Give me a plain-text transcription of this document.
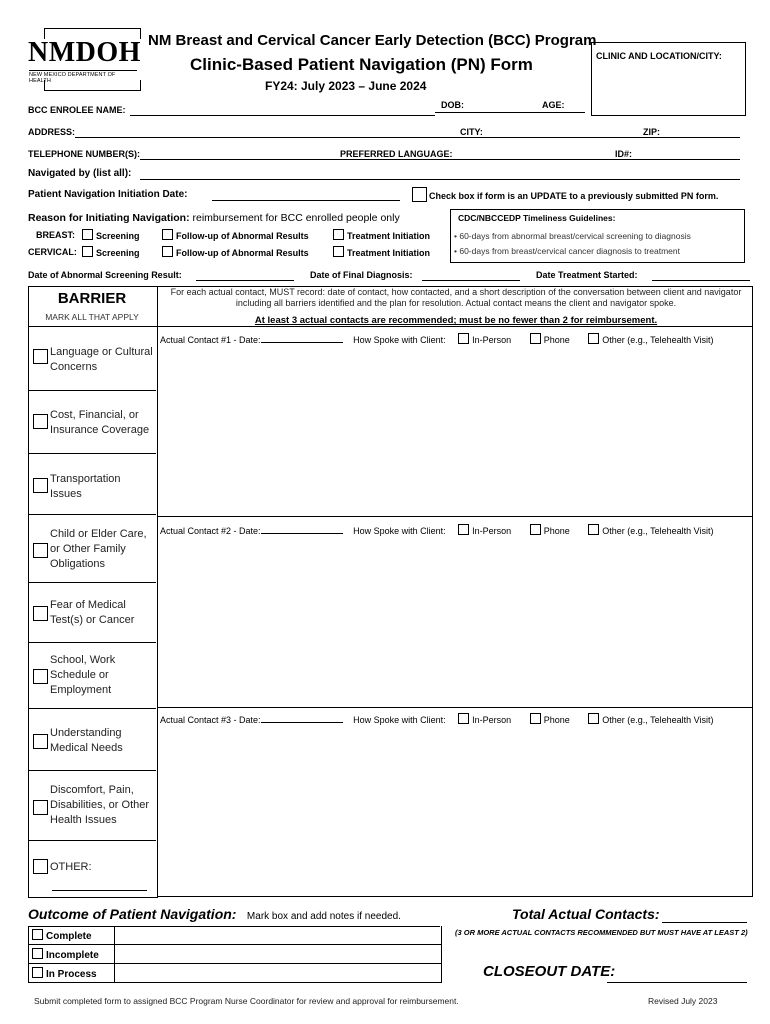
NMDOH
NEW MEXICO DEPARTMENT OF HEALTH
NM Breast and Cervical Cancer Early Detection (BCC) Program
Clinic-Based Patient Navigation (PN) Form
FY24: July 2023 – June 2024
CLINIC AND LOCATION/CITY:
BCC ENROLEE NAME:	DOB:	AGE:
ADDRESS:	CITY:	ZIP:
TELEPHONE NUMBER(S):	PREFERRED LANGUAGE:	ID#:
Navigated by (list all):
Patient Navigation Initiation Date:	Check box if form is an UPDATE to a previously submitted PN form.
Reason for Initiating Navigation: reimbursement for BCC enrolled people only
BREAST:	Screening	Follow-up of Abnormal Results	Treatment Initiation
CERVICAL:	Screening	Follow-up of Abnormal Results	Treatment Initiation
CDC/NBCCEDP Timeliness Guidelines:
• 60-days from abnormal breast/cervical screening to diagnosis
• 60-days from breast/cervical cancer diagnosis to treatment
Date of Abnormal Screening Result:	Date of Final Diagnosis:	Date Treatment Started:
BARRIER
MARK ALL THAT APPLY
For each actual contact, MUST record: date of contact, how contacted, and a short description of the conversation between client and navigator including all barriers identified and the plan for resolution. Actual contact means the client and navigator spoke.
At least 3 actual contacts are recommended; must be no fewer than 2 for reimbursement.
Language or Cultural Concerns
Cost, Financial, or Insurance Coverage
Transportation Issues
Child or Elder Care, or Other Family Obligations
Fear of Medical Test(s) or Cancer
School, Work Schedule or Employment
Understanding Medical Needs
Discomfort, Pain, Disabilities, or Other Health Issues
OTHER:
Actual Contact #1 - Date:	How Spoke with Client:	In-Person	Phone	Other (e.g., Telehealth Visit)
Actual Contact #2 - Date:	How Spoke with Client:	In-Person	Phone	Other (e.g., Telehealth Visit)
Actual Contact #3 - Date:	How Spoke with Client:	In-Person	Phone	Other (e.g., Telehealth Visit)
Outcome of Patient Navigation: Mark box and add notes if needed.
Complete
Incomplete
In Process
Total Actual Contacts:
(3 OR MORE ACTUAL CONTACTS RECOMMENDED BUT MUST HAVE AT LEAST 2)
CLOSEOUT DATE:
Submit completed form to assigned BCC Program Nurse Coordinator for review and approval for reimbursement.	Revised July 2023
